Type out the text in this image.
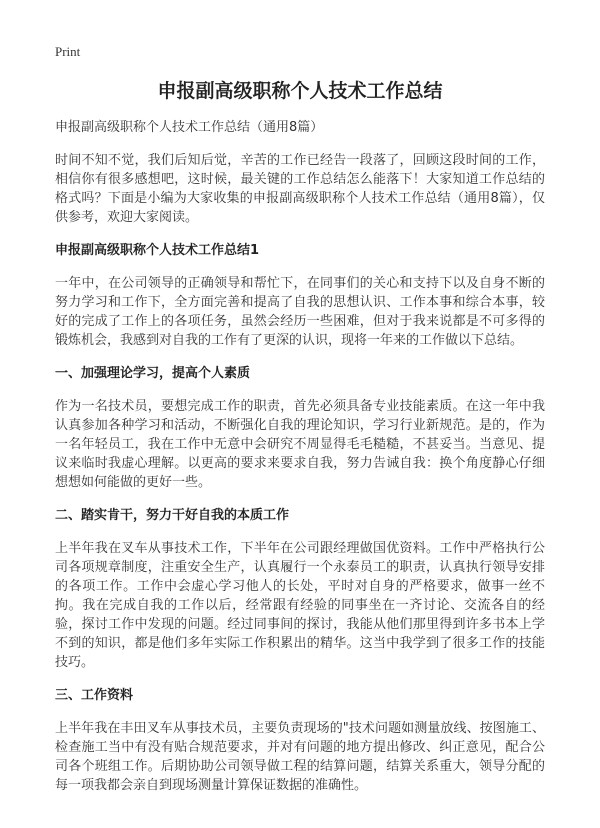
Print
申报副高级职称个人技术工作总结

申报副高级职称个人技术工作总结（通用8篇）

时间不知不觉，我们后知后觉，辛苦的工作已经告一段落了，回顾这段时间的工作，相信你有很多感想吧，这时候，最关键的工作总结怎么能落下！大家知道工作总结的格式吗？下面是小编为大家收集的申报副高级职称个人技术工作总结（通用8篇），仅供参考，欢迎大家阅读。

申报副高级职称个人技术工作总结1

一年中，在公司领导的正确领导和帮忙下，在同事们的关心和支持下以及自身不断的努力学习和工作下，全方面完善和提高了自我的思想认识、工作本事和综合本事，较好的完成了工作上的各项任务，虽然会经历一些困难，但对于我来说都是不可多得的锻炼机会，我感到对自我的工作有了更深的认识，现将一年来的工作做以下总结。

一、加强理论学习，提高个人素质

作为一名技术员，要想完成工作的职责，首先必须具备专业技能素质。在这一年中我认真参加各种学习和活动，不断强化自我的理论知识，学习行业新规范。是的，作为一名年轻员工，我在工作中无意中会研究不周显得毛毛糙糙，不甚妥当。当意见、提议来临时我虚心理解。以更高的要求来要求自我，努力告诫自我：换个角度静心仔细想想如何能做的更好一些。

二、踏实肯干，努力干好自我的本质工作

上半年我在叉车从事技术工作，下半年在公司跟经理做国优资料。工作中严格执行公司各项规章制度，注重安全生产，认真履行一个永泰员工的职责，认真执行领导安排的各项工作。工作中会虚心学习他人的长处，平时对自身的严格要求，做事一丝不拘。我在完成自我的工作以后，经常跟有经验的同事坐在一齐讨论、交流各自的经验，探讨工作中发现的问题。经过同事间的探讨，我能从他们那里得到许多书本上学不到的知识，都是他们多年实际工作积累出的精华。这当中我学到了很多工作的技能技巧。

三、工作资料

上半年我在丰田叉车从事技术员，主要负责现场的"技术问题如测量放线、按图施工、检查施工当中有没有贴合规范要求，并对有问题的地方提出修改、纠正意见，配合公司各个班组工作。后期协助公司领导做工程的结算问题，结算关系重大，领导分配的每一项我都会亲自到现场测量计算保证数据的准确性。
